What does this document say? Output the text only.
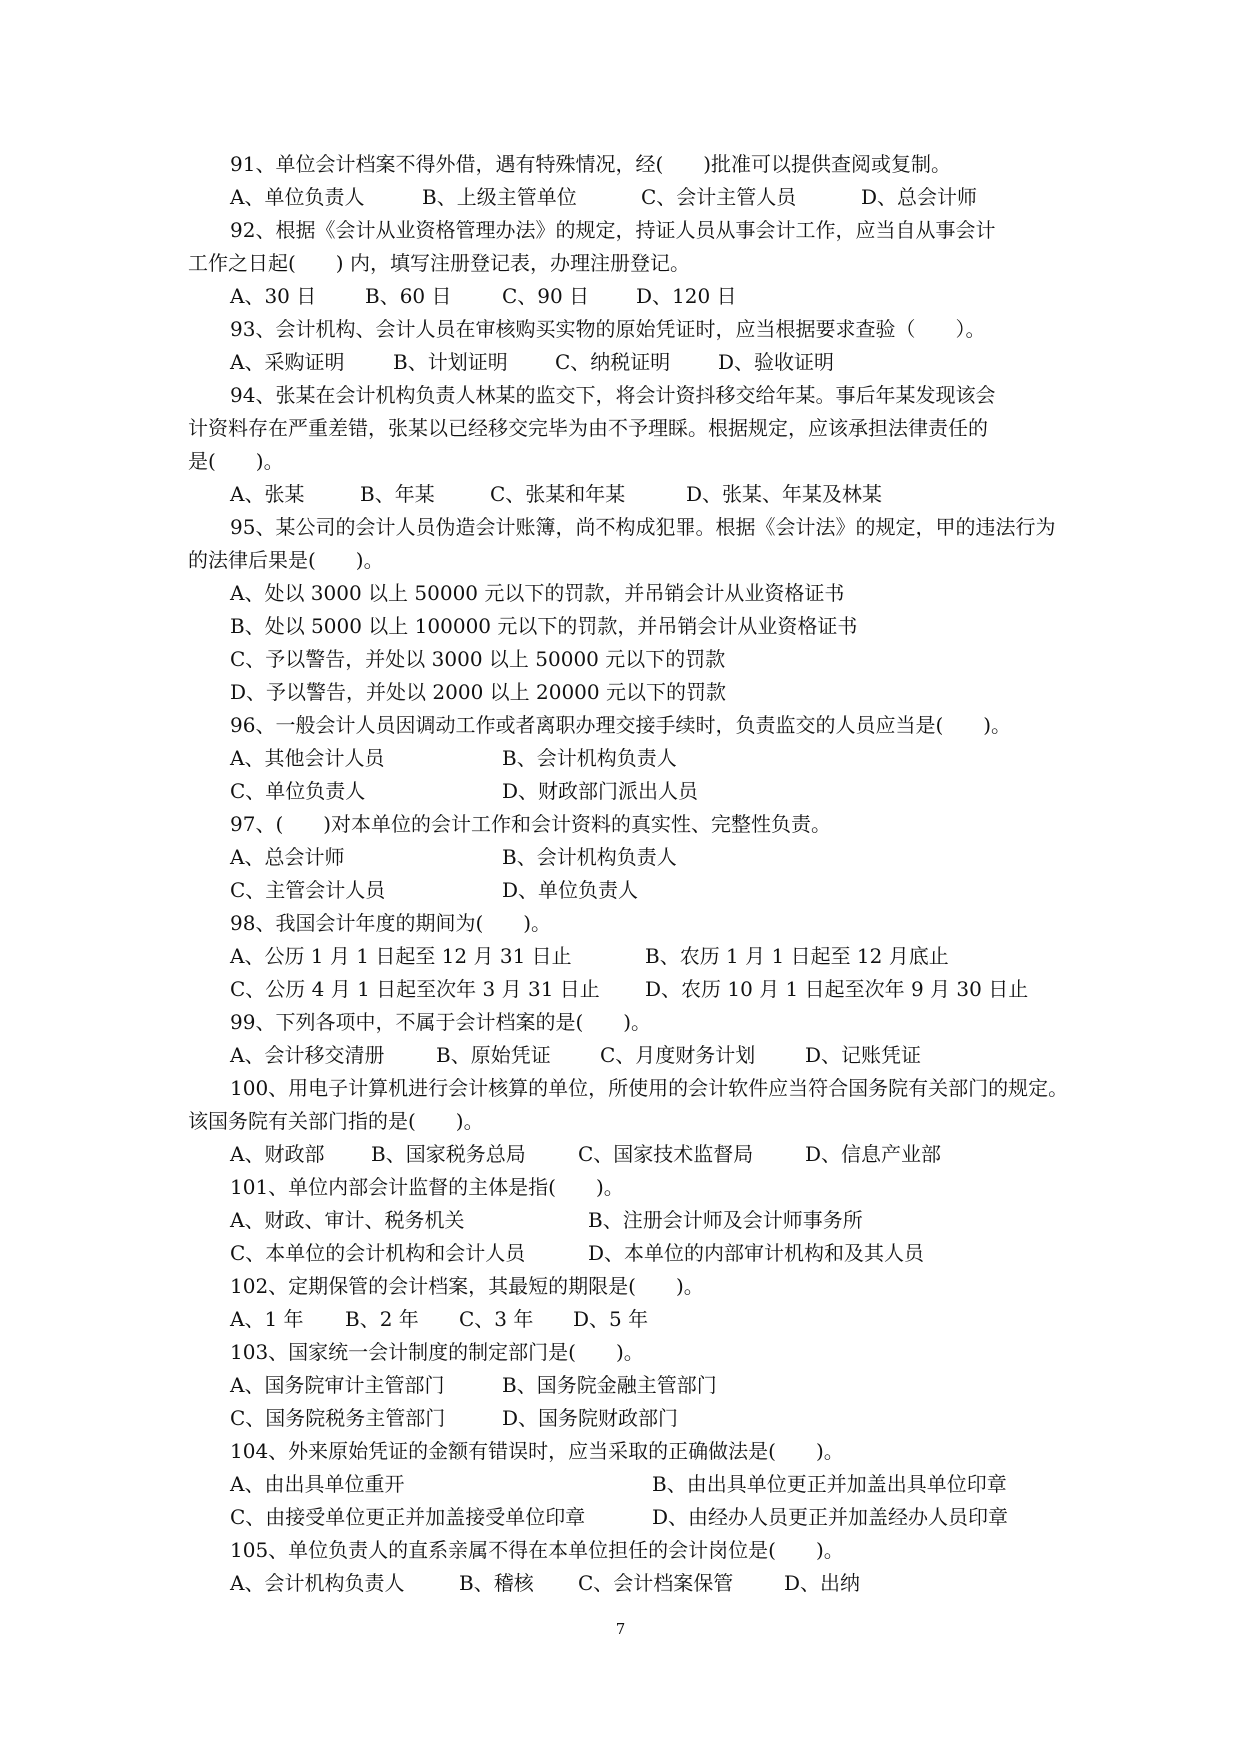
91、单位会计档案不得外借，遇有特殊情况，经(　　)批准可以提供查阅或复制。
A、单位负责人	B、上级主管单位	C、会计主管人员	D、总会计师
92、根据《会计从业资格管理办法》的规定，持证人员从事会计工作，应当自从事会计
工作之日起(　　) 内，填写注册登记表，办理注册登记。
A、30 日 B、60 日	C、90 日 D、120 日
93、会计机构、会计人员在审核购买实物的原始凭证时，应当根据要求查验（　　）。
A、采购证明 B、计划证明 C、纳税证明 D、验收证明
94、张某在会计机构负责人林某的监交下，将会计资抖移交给年某。事后年某发现该会
计资料存在严重差错，张某以已经移交完毕为由不予理睬。根据规定，应该承担法律责任的
是(　　)。
A、张某	B、年某	C、张某和年某	D、张某、年某及林某
95、某公司的会计人员伪造会计账簿，尚不构成犯罪。根据《会计法》的规定，甲的违法行为
的法律后果是(　　)。
A、处以 3000 以上 50000 元以下的罚款，并吊销会计从业资格证书
B、处以 5000 以上 100000 元以下的罚款，并吊销会计从业资格证书
C、予以警告，并处以 3000 以上 50000 元以下的罚款
D、予以警告，并处以 2000 以上 20000 元以下的罚款
96、一般会计人员因调动工作或者离职办理交接手续时，负责监交的人员应当是(　　)。
A、其他会计人员	B、会计机构负责人
C、单位负责人	D、财政部门派出人员
97、(　　)对本单位的会计工作和会计资料的真实性、完整性负责。
A、总会计师	B、会计机构负责人
C、主管会计人员	D、单位负责人
98、我国会计年度的期间为(　　)。
A、公历 1 月 1 日起至 12 月 31 日止	B、农历 1 月 1 日起至 12 月底止
C、公历 4 月 1 日起至次年 3 月 31 日止 D、农历 10 月 1 日起至次年 9 月 30 日止
99、下列各项中，不属于会计档案的是(　　)。
A、会计移交清册	B、原始凭证 C、月度财务计划 D、记账凭证
100、用电子计算机进行会计核算的单位，所使用的会计软件应当符合国务院有关部门的规定。
该国务院有关部门指的是(　　)。
A、财政部 B、国家税务总局	C、国家技术监督局	D、信息产业部
101、单位内部会计监督的主体是指(　　)。
A、财政、审计、税务机关	B、注册会计师及会计师事务所
C、本单位的会计机构和会计人员	D、本单位的内部审计机构和及其人员
102、定期保管的会计档案，其最短的期限是(　　)。
A、1 年 B、2 年 C、3 年 D、5 年
103、国家统一会计制度的制定部门是(　　)。
A、国务院审计主管部门	B、国务院金融主管部门
C、国务院税务主管部门	D、国务院财政部门
104、外来原始凭证的金额有错误时，应当采取的正确做法是(　　)。
A、由出具单位重开	B、由出具单位更正并加盖出具单位印章
C、由接受单位更正并加盖接受单位印章	D、由经办人员更正并加盖经办人员印章
105、单位负责人的直系亲属不得在本单位担任的会计岗位是(　　)。
A、会计机构负责人	B、稽核 C、会计档案保管	D、出纳
7
